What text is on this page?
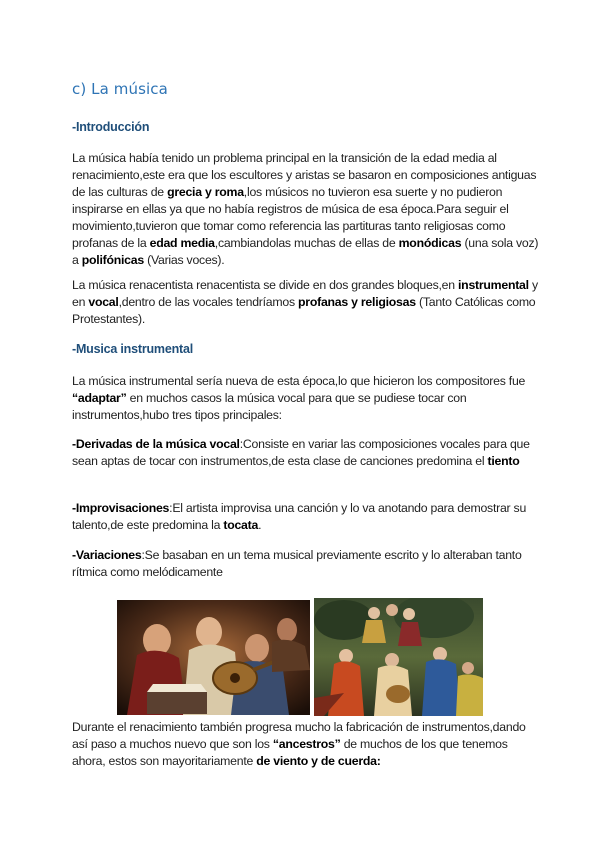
c) La música
-Introducción

La música había tenido un problema principal en la transición de la edad media al renacimiento,este era que los escultores y aristas se basaron en composiciones antiguas de las culturas de grecia y roma,los músicos no tuvieron esa suerte y no pudieron inspirarse en ellas ya que no había registros de música de esa época.Para seguir el movimiento,tuvieron que tomar como referencia las partituras tanto religiosas como profanas de la edad media,cambiandolas muchas de ellas de monódicas (una sola voz) a polifónicas (Varias voces).

La música renacentista renacentista se divide en dos grandes bloques,en instrumental y en vocal,dentro de las vocales tendríamos profanas y religiosas (Tanto Católicas como Protestantes).

-Musica instrumental

La música instrumental sería nueva de esta época,lo que hicieron los compositores fue “adaptar” en muchos casos la música vocal para que se pudiese tocar con instrumentos,hubo tres tipos principales:

-Derivadas de la música vocal:Consiste en variar las composiciones vocales para que sean aptas de tocar con instrumentos,de esta clase de canciones predomina el tiento

-Improvisaciones:El artista improvisa una canción y lo va anotando para demostrar su talento,de este predomina la tocata.

-Variaciones:Se basaban en un tema musical previamente escrito y lo alteraban tanto rítmica como melódicamente

Durante el renacimiento también progresa mucho la fabricación de instrumentos,dando así paso a muchos nuevo que son los “ancestros” de muchos de los que tenemos ahora, estos son mayoritariamente de viento y de cuerda:
